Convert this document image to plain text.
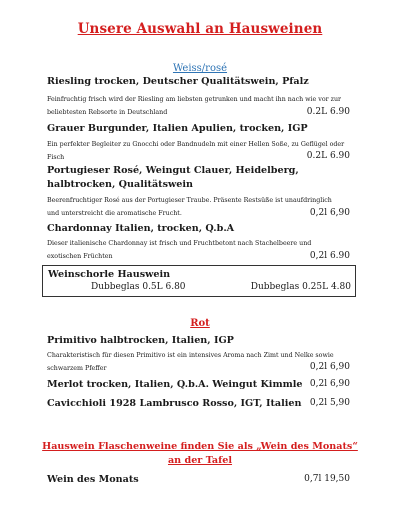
Unsere Auswahl an Hausweinen
Weiss/rosé
Riesling trocken, Deutscher Qualitätswein, Pfalz
Feinfruchtig frisch wird der Riesling am liebsten getrunken und macht ihn nach wie vor zur beliebtesten Rebsorte in Deutschland	0.2L 6.90
Grauer Burgunder, Italien Apulien, trocken, IGP
Ein perfekter Begleiter zu Gnocchi oder Bandnudeln mit einer Hellen Soße, zu Geflügel oder Fisch	0.2L 6.90
Portugieser Rosé, Weingut Clauer, Heidelberg, halbtrocken, Qualitätswein
Beerenfruchtiger Rosé aus der Portugieser Traube. Präsente Restsüße ist unaufdringlich und unterstreicht die aromatische Frucht.	0,2l 6,90
Chardonnay Italien, trocken, Q.b.A
Dieser italienische Chardonnay ist frisch und Fruchtbetont nach Stachelbeere und exotischen Früchten	0,2l 6.90
Weinschorle Hauswein
Dubbeglas 0.5L 6.80	Dubbeglas 0.25L 4.80
Rot
Primitivo halbtrocken, Italien, IGP
Charakteristisch für diesen Primitivo ist ein intensives Aroma nach Zimt und Nelke sowie schwarzem Pfeffer	0,2l 6,90
Merlot trocken, Italien, Q.b.A. Weingut Kimmle 0,2l 6,90
Cavicchioli 1928 Lambrusco Rosso, IGT, Italien 0,2l 5,90
Hauswein Flaschenweine finden Sie als „Wein des Monats“ an der Tafel
Wein des Monats	0,7l 19,50
